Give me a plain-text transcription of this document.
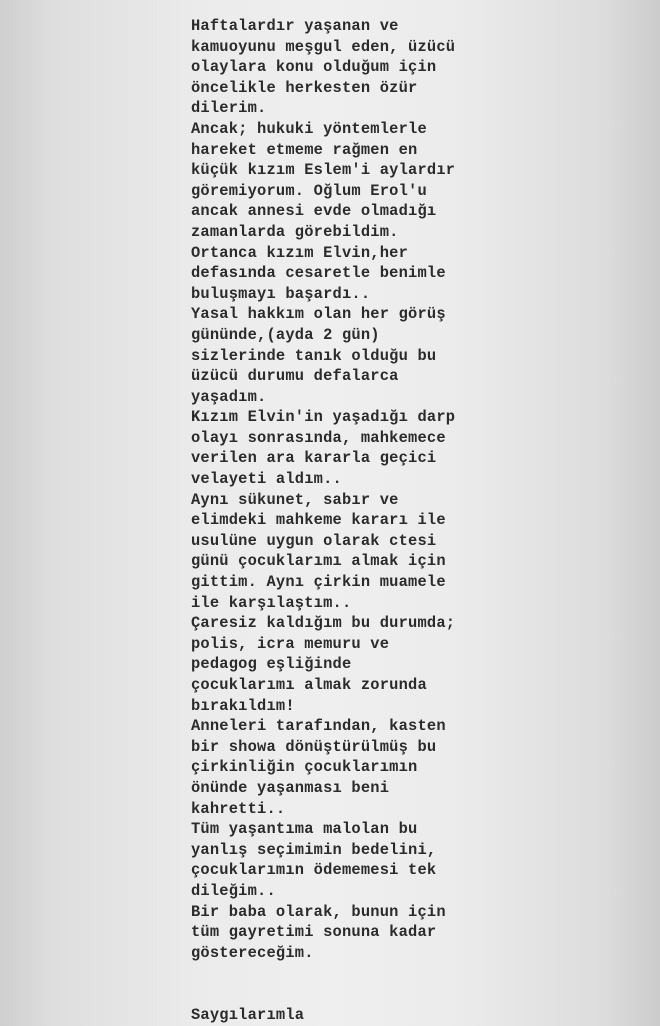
Haftalardır yaşanan ve
kamuoyunu meşgul eden, üzücü
olaylara konu olduğum için
öncelikle herkesten özür
dilerim.
Ancak; hukuki yöntemlerle
hareket etmeme rağmen en
küçük kızım Eslem'i aylardır
göremiyorum. Oğlum Erol'u
ancak annesi evde olmadığı
zamanlarda görebildim.
Ortanca kızım Elvin,her
defasında cesaretle benimle
buluşmayı başardı..
Yasal hakkım olan her görüş
gününde,(ayda 2 gün)
sizlerinde tanık olduğu bu
üzücü durumu defalarca
yaşadım.
Kızım Elvin'in yaşadığı darp
olayı sonrasında, mahkemece
verilen ara kararla geçici
velayeti aldım..
Aynı sükunet, sabır ve
elimdeki mahkeme kararı ile
usulüne uygun olarak ctesi
günü çocuklarımı almak için
gittim. Aynı çirkin muamele
ile karşılaştım..
Çaresiz kaldığım bu durumda;
polis, icra memuru ve
pedagog eşliğinde
çocuklarımı almak zorunda
bırakıldım!
Anneleri tarafından, kasten
bir showa dönüştürülmüş bu
çirkinliğin çocuklarımın
önünde yaşanması beni
kahretti..
Tüm yaşantıma malolan bu
yanlış seçimimin bedelini,
çocuklarımın ödememesi tek
dileğim..
Bir baba olarak, bunun için
tüm gayretimi sonuna kadar
göstereceğim.
Saygılarımla
